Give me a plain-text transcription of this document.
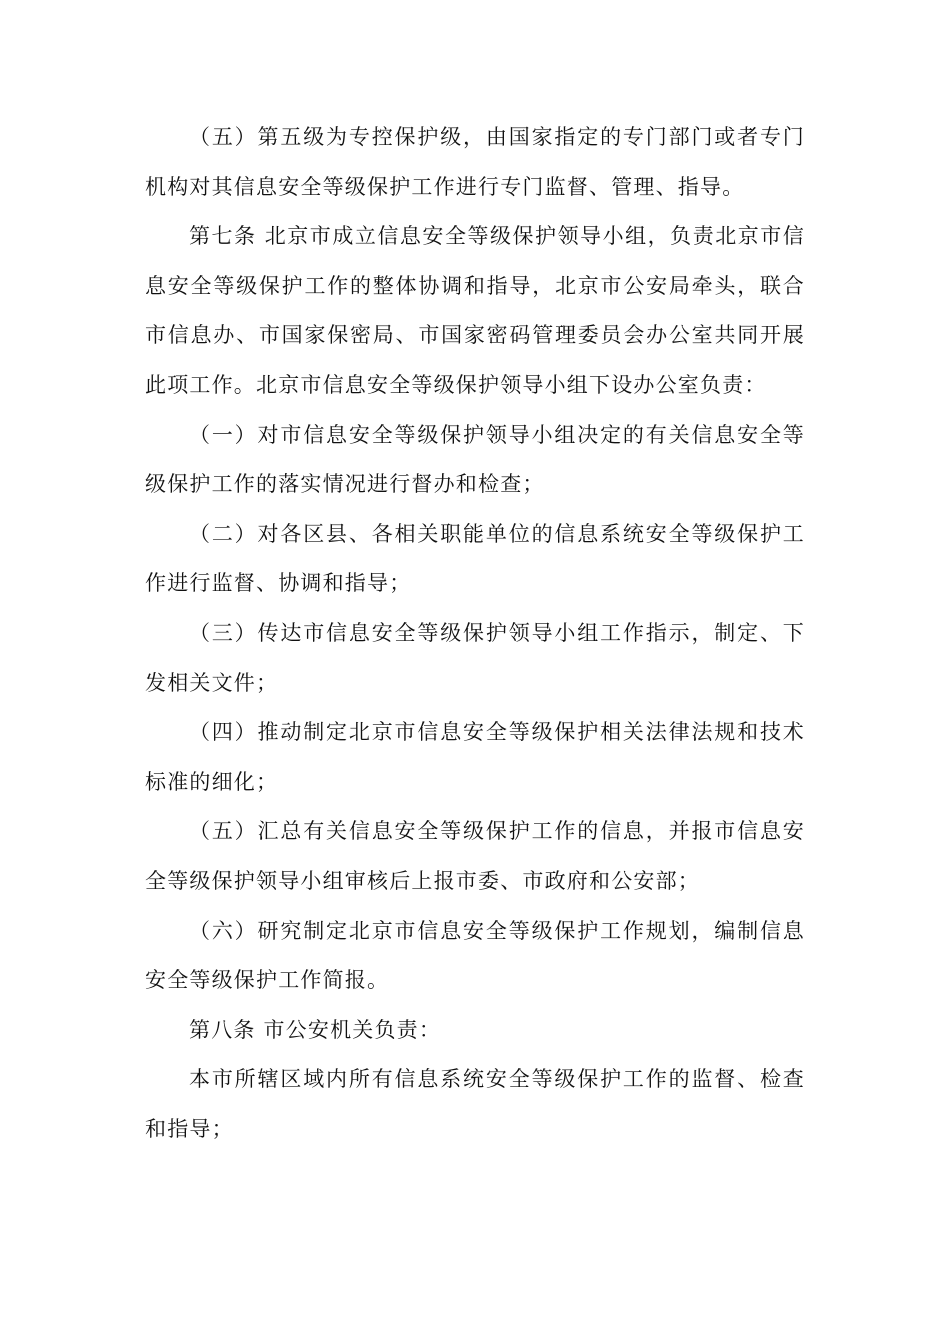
（五）第五级为专控保护级，由国家指定的专门部门或者专门机构对其信息安全等级保护工作进行专门监督、管理、指导。

第七条 北京市成立信息安全等级保护领导小组，负责北京市信息安全等级保护工作的整体协调和指导，北京市公安局牵头，联合市信息办、市国家保密局、市国家密码管理委员会办公室共同开展此项工作。北京市信息安全等级保护领导小组下设办公室负责：

（一）对市信息安全等级保护领导小组决定的有关信息安全等级保护工作的落实情况进行督办和检查；

（二）对各区县、各相关职能单位的信息系统安全等级保护工作进行监督、协调和指导；

（三）传达市信息安全等级保护领导小组工作指示，制定、下发相关文件；

（四）推动制定北京市信息安全等级保护相关法律法规和技术标准的细化；

（五）汇总有关信息安全等级保护工作的信息，并报市信息安全等级保护领导小组审核后上报市委、市政府和公安部；

（六）研究制定北京市信息安全等级保护工作规划，编制信息安全等级保护工作简报。

第八条 市公安机关负责：

本市所辖区域内所有信息系统安全等级保护工作的监督、检查和指导；
